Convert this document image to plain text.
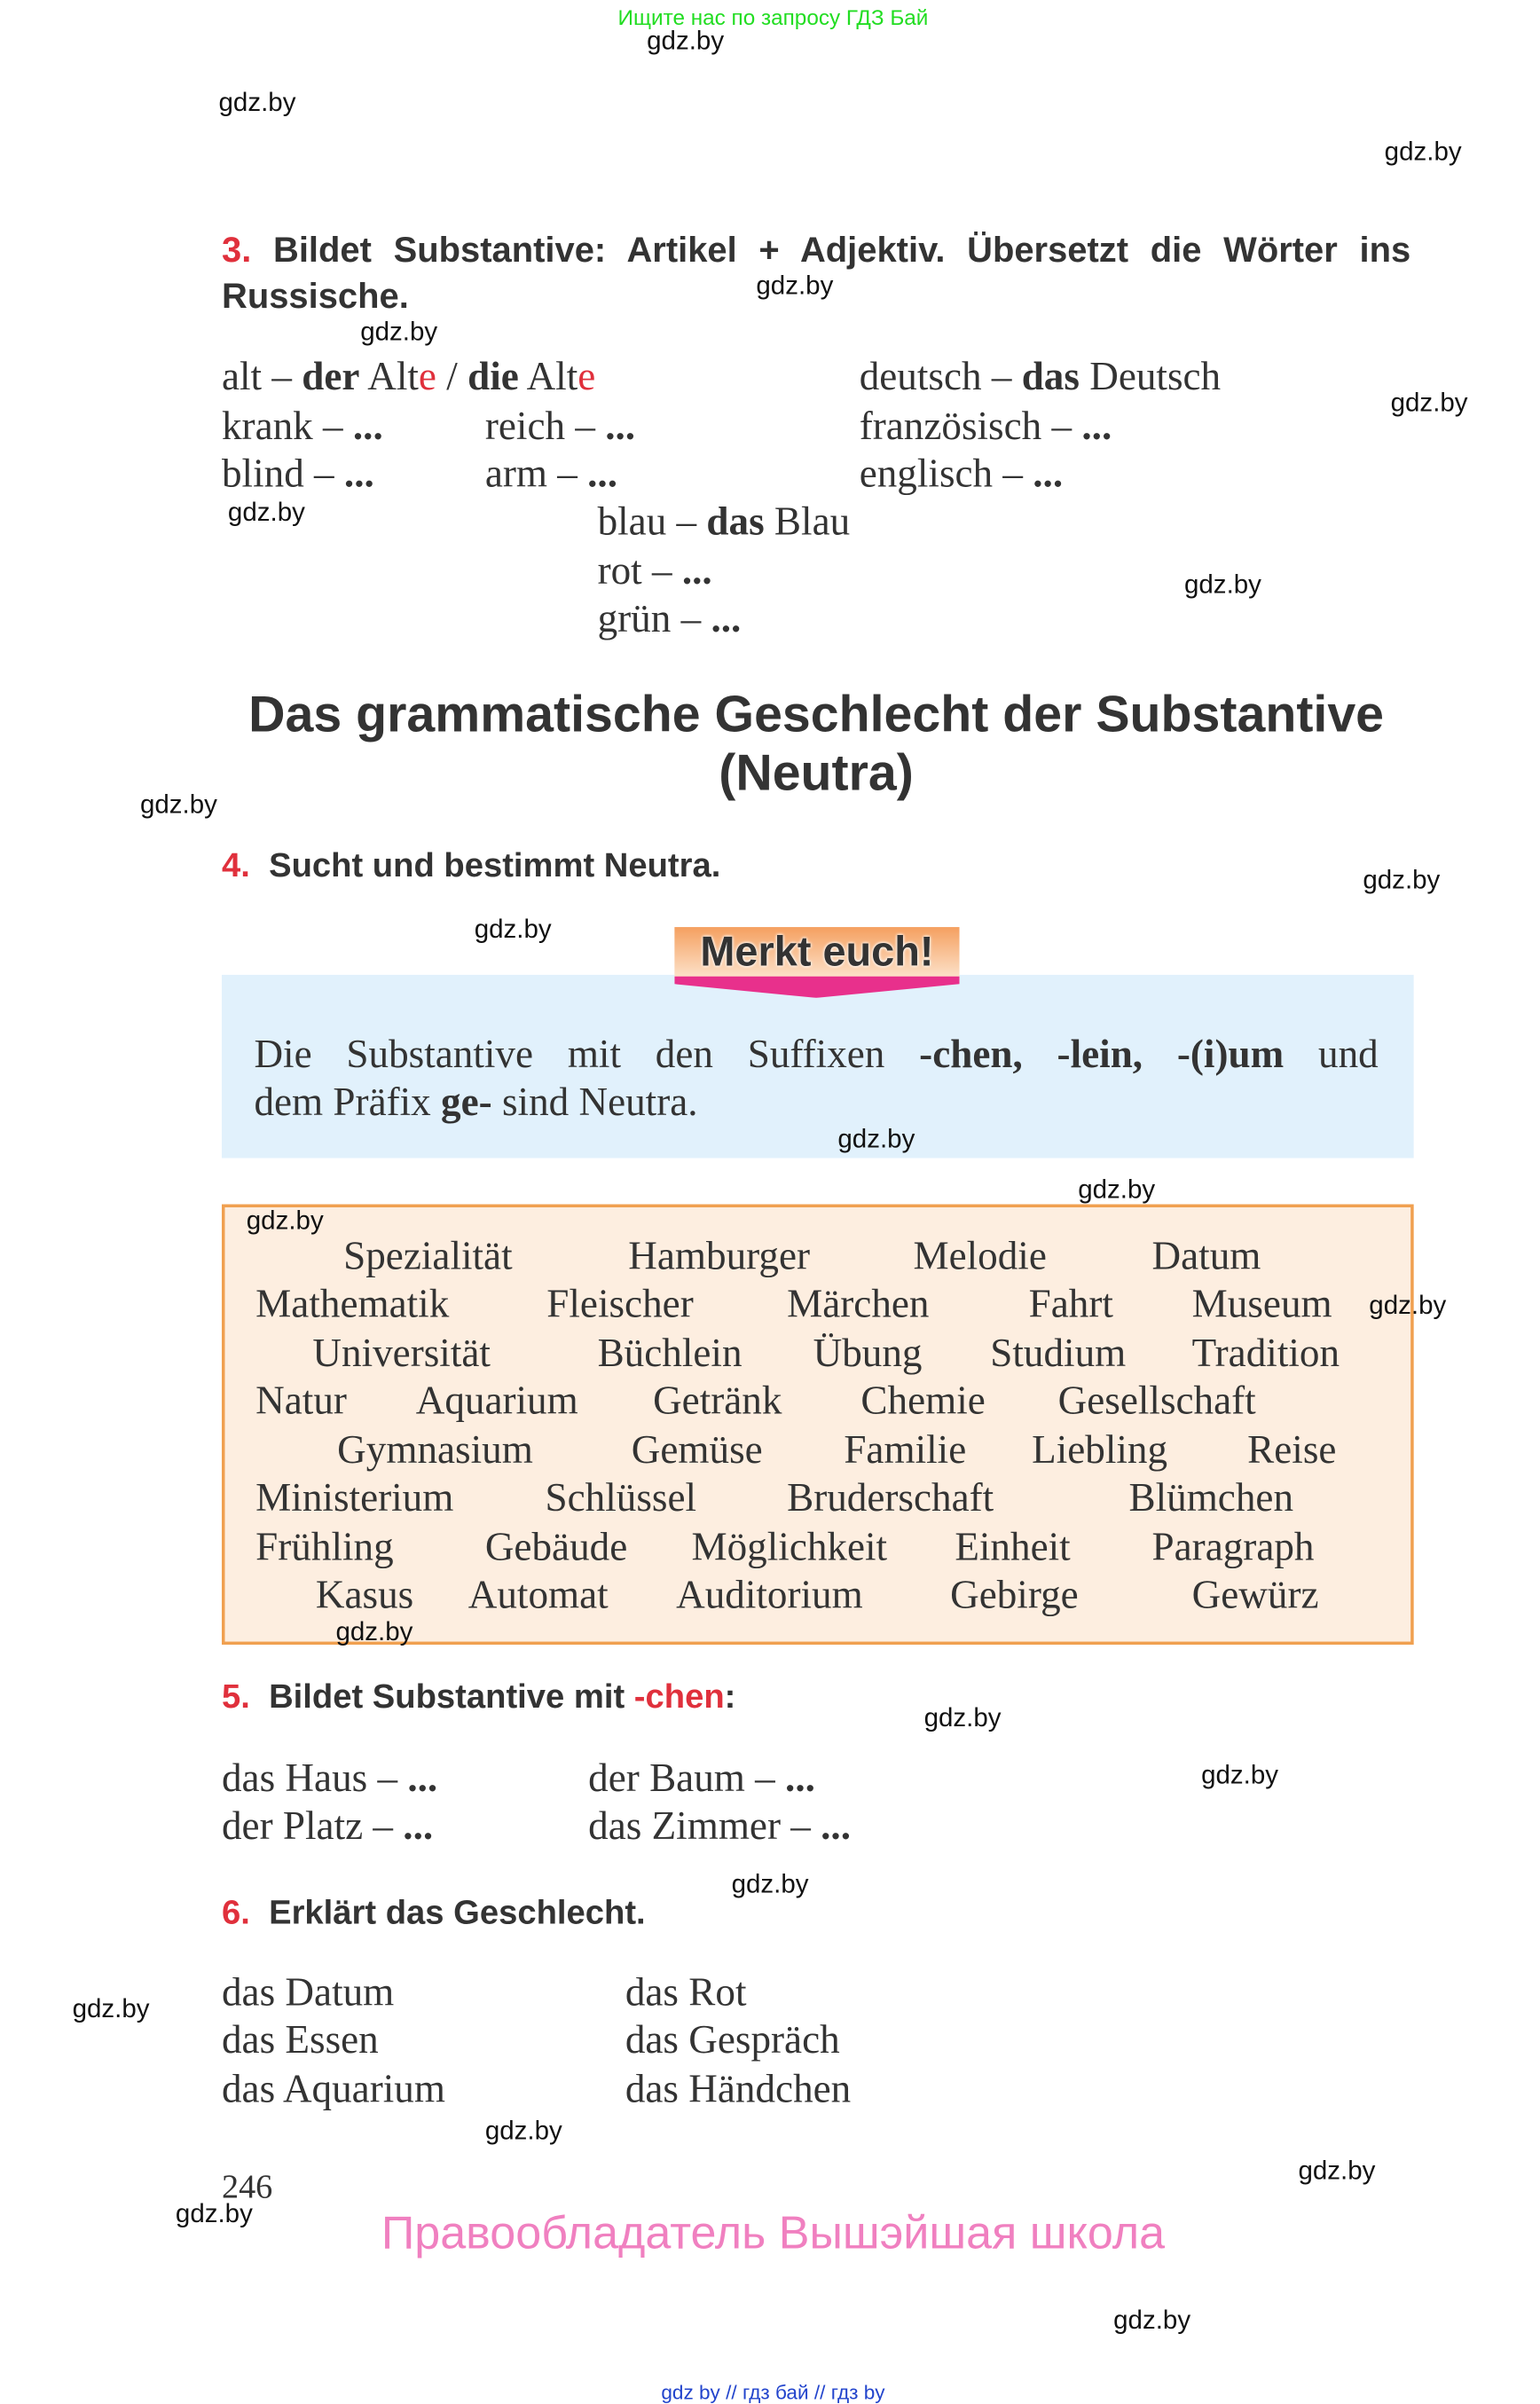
Ищите нас по запросу ГДЗ Бай
3. Bildet Substantive: Artikel + Adjektiv. Übersetzt die Wörter ins
Russische.
alt – der Alte / die Alte	deutsch – das Deutsch
krank – ...	reich – ...	französisch – ...
blind – ...	arm – ...	englisch – ...
blau – das Blau
rot – ...
grün – ...
Das grammatische Geschlecht der Substantive
(Neutra)
4. Sucht und bestimmt Neutra.
Merkt euch!
Die Substantive mit den Suffixen -chen, -lein, -(i)um und
dem Präfix ge- sind Neutra.
Spezialität	Hamburger	Melodie	Datum
Mathematik	Fleischer	Märchen	Fahrt	Museum
Universität	Büchlein	Übung	Studium	Tradition
Natur	Aquarium	Getränk	Chemie	Gesellschaft
Gymnasium	Gemüse	Familie	Liebling	Reise
Ministerium	Schlüssel	Bruderschaft	Blümchen
Frühling	Gebäude	Möglichkeit	Einheit	Paragraph
Kasus Automat	Auditorium	Gebirge	Gewürz
5. Bildet Substantive mit -chen:
das Haus – ...	der Baum – ...
der Platz – ...	das Zimmer – ...
6. Erklärt das Geschlecht.
das Datum	das Rot
das Essen	das Gespräch
das Aquarium	das Händchen
246
Правообладатель Вышэйшая школа
gdz by // гдз бай // гдз by
gdz.by
gdz.by
gdz.by
gdz.by
gdz.by
gdz.by
gdz.by
gdz.by
gdz.by
gdz.by
gdz.by
gdz.by
gdz.by
gdz.by
gdz.by
gdz.by
gdz.by
gdz.by
gdz.by
gdz.by
gdz.by
gdz.by
gdz.by
gdz.by
